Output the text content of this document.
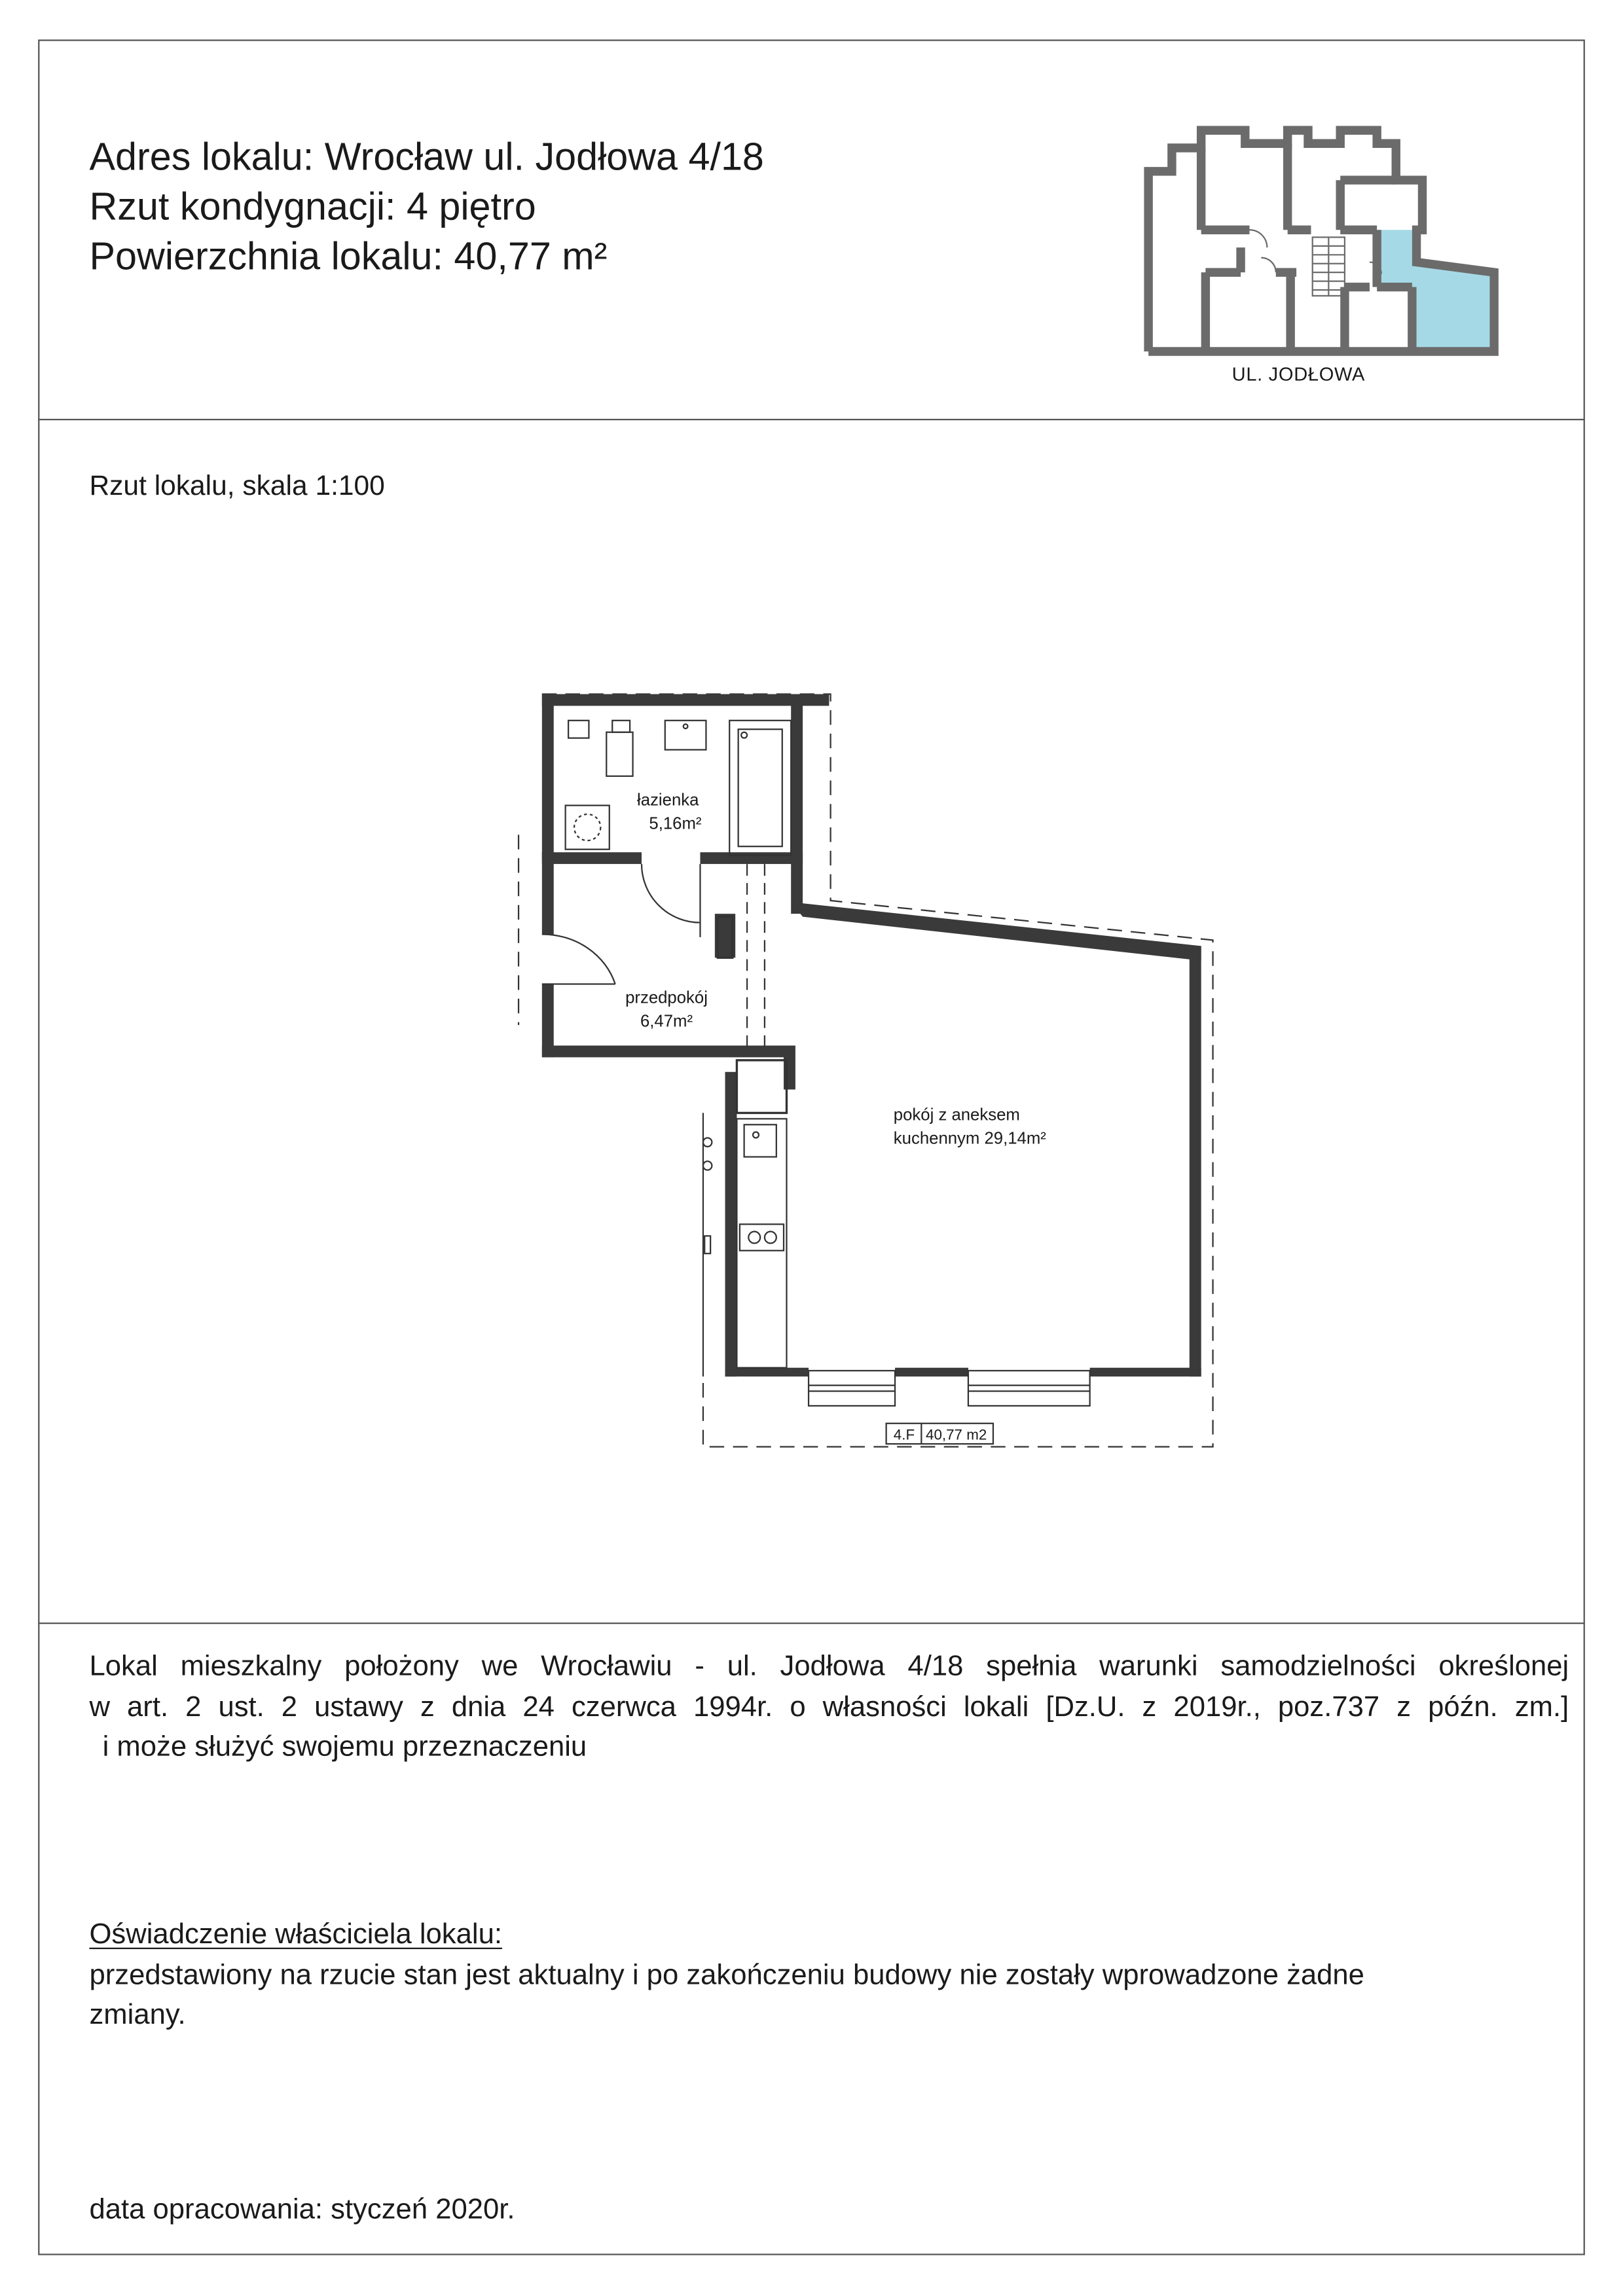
Adres lokalu: Wrocław ul. Jodłowa 4/18
Rzut kondygnacji: 4 piętro
Powierzchnia lokalu: 40,77 m²
UL. JODŁOWA
Rzut lokalu, skala 1:100
4.F 40,77 m2
łazienka
5,16m²
przedpokój
6,47m²
pokój z aneksem
kuchennym 29,14m²
Lokal mieszkalny położony we Wrocławiu - ul. Jodłowa 4/18 spełnia warunki samodzielności określonej
w art. 2 ust. 2 ustawy z dnia 24 czerwca 1994r. o własności lokali [Dz.U. z 2019r., poz.737 z późn. zm.]
i może służyć swojemu przeznaczeniu
Oświadczenie właściciela lokalu:
przedstawiony na rzucie stan jest aktualny i po zakończeniu budowy nie zostały wprowadzone żadne
zmiany.
data opracowania: styczeń 2020r.
